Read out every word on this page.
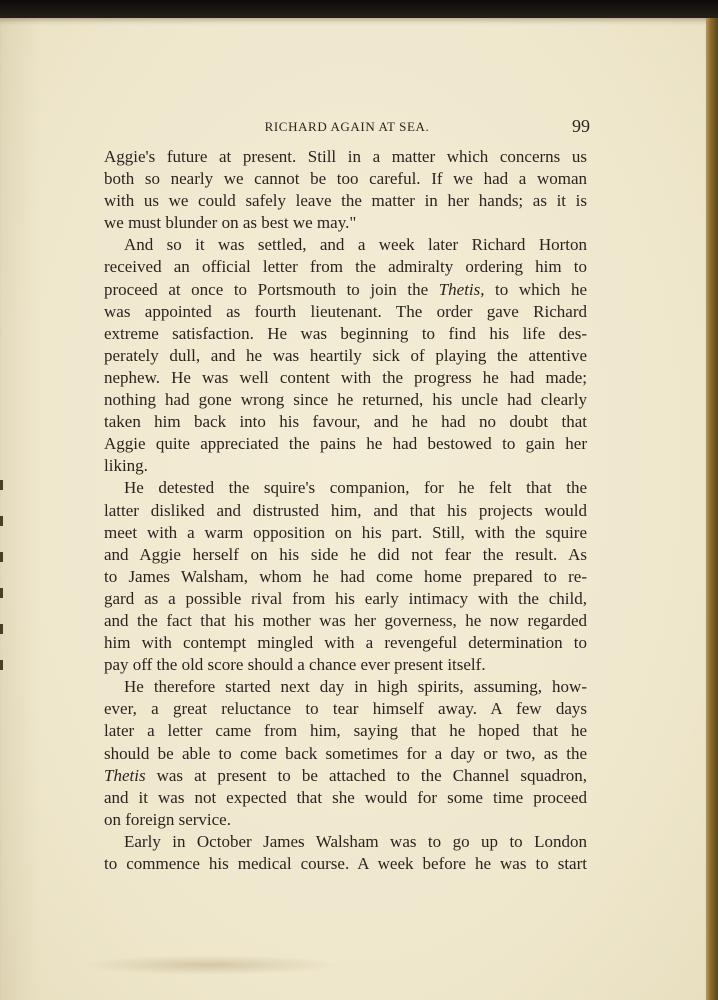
RICHARD AGAIN AT SEA.	99
Aggie's future at present. Still in a matter which concerns us
both so nearly we cannot be too careful. If we had a woman
with us we could safely leave the matter in her hands; as it is
we must blunder on as best we may."
And so it was settled, and a week later Richard Horton
received an official letter from the admiralty ordering him to
proceed at once to Portsmouth to join the Thetis, to which he
was appointed as fourth lieutenant. The order gave Richard
extreme satisfaction. He was beginning to find his life des-
perately dull, and he was heartily sick of playing the attentive
nephew. He was well content with the progress he had made;
nothing had gone wrong since he returned, his uncle had clearly
taken him back into his favour, and he had no doubt that
Aggie quite appreciated the pains he had bestowed to gain her
liking.
He detested the squire's companion, for he felt that the
latter disliked and distrusted him, and that his projects would
meet with a warm opposition on his part. Still, with the squire
and Aggie herself on his side he did not fear the result. As
to James Walsham, whom he had come home prepared to re-
gard as a possible rival from his early intimacy with the child,
and the fact that his mother was her governess, he now regarded
him with contempt mingled with a revengeful determination to
pay off the old score should a chance ever present itself.
He therefore started next day in high spirits, assuming, how-
ever, a great reluctance to tear himself away. A few days
later a letter came from him, saying that he hoped that he
should be able to come back sometimes for a day or two, as the
Thetis was at present to be attached to the Channel squadron,
and it was not expected that she would for some time proceed
on foreign service.
Early in October James Walsham was to go up to London
to commence his medical course. A week before he was to start
